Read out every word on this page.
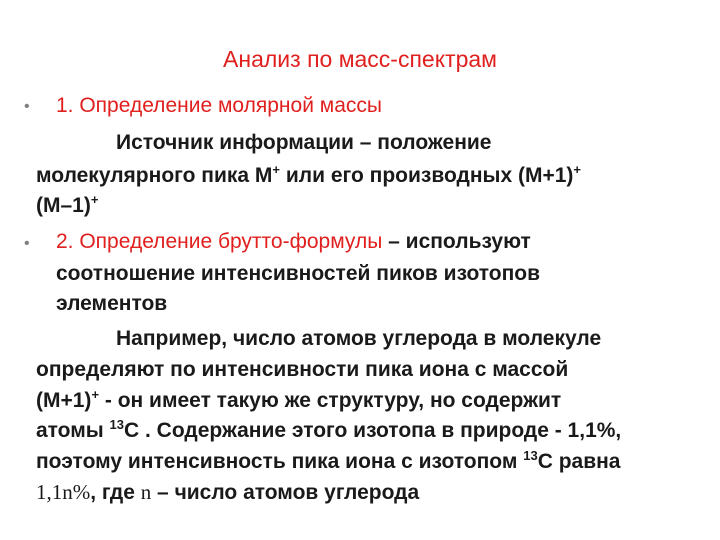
Анализ по масс-спектрам
• 1. Определение молярной массы
Источник информации – положение
молекулярного пика М+ или его производных (М+1)+
(М–1)+
• 2. Определение брутто-формулы – используют
соотношение интенсивностей пиков изотопов
элементов
Например, число атомов углерода в молекуле
определяют по интенсивности пика иона с массой
(М+1)+ - он имеет такую же структуру, но содержит
атомы $^{13}$С . Содержание этого изотопа в природе - 1,1%,
поэтому интенсивность пика иона с изотопом $^{13}$С равна
1,1n%, где n – число атомов углерода
